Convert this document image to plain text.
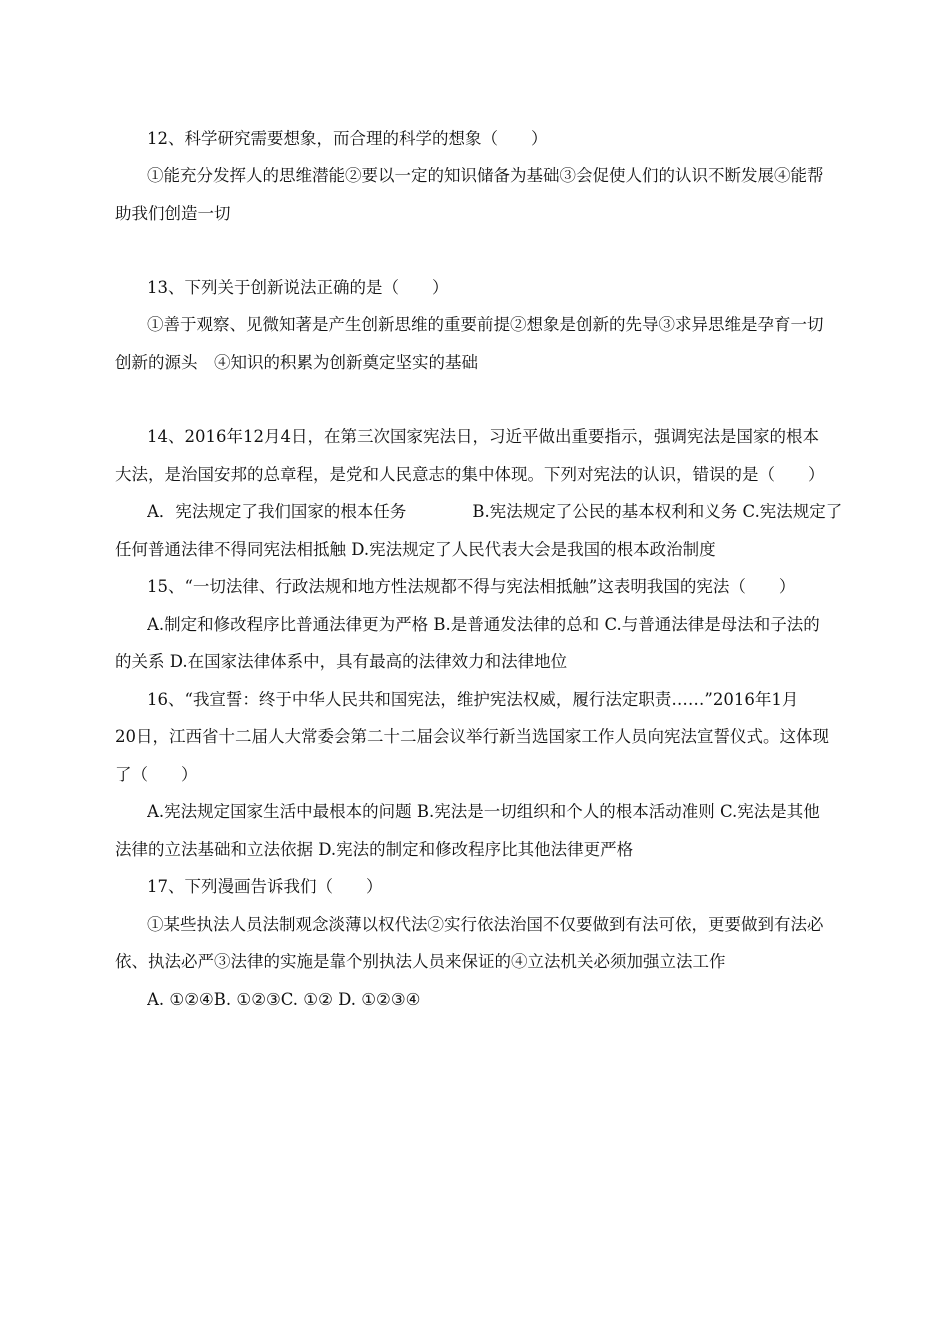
12、科学研究需要想象，而合理的科学的想象（　　）
①能充分发挥人的思维潜能②要以一定的知识储备为基础③会促使人们的认识不断发展④能帮
助我们创造一切
13、下列关于创新说法正确的是（　　）
①善于观察、见微知著是产生创新思维的重要前提②想象是创新的先导③求异思维是孕育一切
创新的源头　④知识的积累为创新奠定坚实的基础
14、2016年12月4日，在第三次国家宪法日，习近平做出重要指示，强调宪法是国家的根本
大法，是治国安邦的总章程，是党和人民意志的集中体现。下列对宪法的认识，错误的是（　　）
A．宪法规定了我们国家的根本任务　　　　B.宪法规定了公民的基本权利和义务 C.宪法规定了
任何普通法律不得同宪法相抵触 D.宪法规定了人民代表大会是我国的根本政治制度
15、“一切法律、行政法规和地方性法规都不得与宪法相抵触”这表明我国的宪法（　　）
A.制定和修改程序比普通法律更为严格 B.是普通发法律的总和 C.与普通法律是母法和子法的
的关系 D.在国家法律体系中，具有最高的法律效力和法律地位
16、“我宣誓：终于中华人民共和国宪法，维护宪法权威，履行法定职责……”2016年1月
20日，江西省十二届人大常委会第二十二届会议举行新当选国家工作人员向宪法宣誓仪式。这体现
了（　　）
A.宪法规定国家生活中最根本的问题 B.宪法是一切组织和个人的根本活动准则 C.宪法是其他
法律的立法基础和立法依据 D.宪法的制定和修改程序比其他法律更严格
17、下列漫画告诉我们（　　）
①某些执法人员法制观念淡薄以权代法②实行依法治国不仅要做到有法可依，更要做到有法必
依、执法必严③法律的实施是靠个别执法人员来保证的④立法机关必须加强立法工作
A. ①②④B. ①②③C. ①② D. ①②③④
